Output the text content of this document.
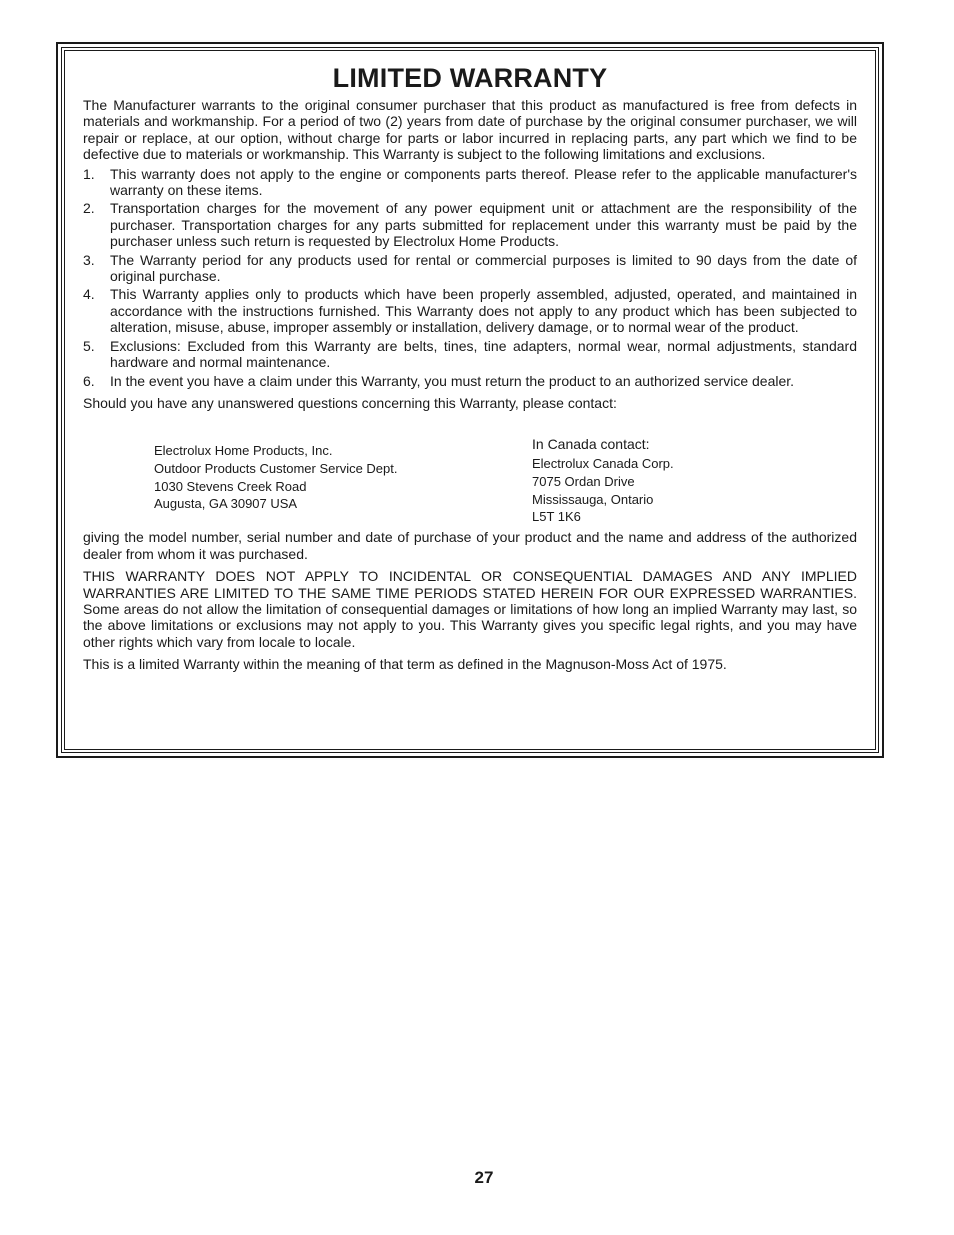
LIMITED WARRANTY

The Manufacturer warrants to the original consumer purchaser that this product as manufactured is free from defects in materials and workmanship. For a period of two (2) years from date of purchase by the original consumer purchaser, we will repair or replace, at our option, without charge for parts or labor incurred in replacing parts, any part which we find to be defective due to materials or workmanship. This Warranty is subject to the following limitations and exclusions.

1. This warranty does not apply to the engine or components parts thereof. Please refer to the applicable manufacturer's warranty on these items.
2. Transportation charges for the movement of any power equipment unit or attachment are the responsibility of the purchaser. Transportation charges for any parts submitted for replacement under this warranty must be paid by the purchaser unless such return is requested by Electrolux Home Products.
3. The Warranty period for any products used for rental or commercial purposes is limited to 90 days from the date of original purchase.
4. This Warranty applies only to products which have been properly assembled, adjusted, operated, and maintained in accordance with the instructions furnished. This Warranty does not apply to any product which has been subjected to alteration, misuse, abuse, improper assembly or installation, delivery damage, or to normal wear of the product.
5. Exclusions: Excluded from this Warranty are belts, tines, tine adapters, normal wear, normal adjustments, standard hardware and normal maintenance.
6. In the event you have a claim under this Warranty, you must return the product to an authorized service dealer.

Should you have any unanswered questions concerning this Warranty, please contact:

Electrolux Home Products, Inc.
Outdoor Products Customer Service Dept.
1030 Stevens Creek Road
Augusta, GA 30907 USA
In Canada contact:
Electrolux Canada Corp.
7075 Ordan Drive
Mississauga, Ontario
L5T 1K6

giving the model number, serial number and date of purchase of your product and the name and address of the authorized dealer from whom it was purchased.

THIS WARRANTY DOES NOT APPLY TO INCIDENTAL OR CONSEQUENTIAL DAMAGES AND ANY IMPLIED WARRANTIES ARE LIMITED TO THE SAME TIME PERIODS STATED HEREIN FOR OUR EXPRESSED WARRANTIES. Some areas do not allow the limitation of consequential damages or limitations of how long an implied Warranty may last, so the above limitations or exclusions may not apply to you. This Warranty gives you specific legal rights, and you may have other rights which vary from locale to locale.

This is a limited Warranty within the meaning of that term as defined in the Magnuson-Moss Act of 1975.

27
